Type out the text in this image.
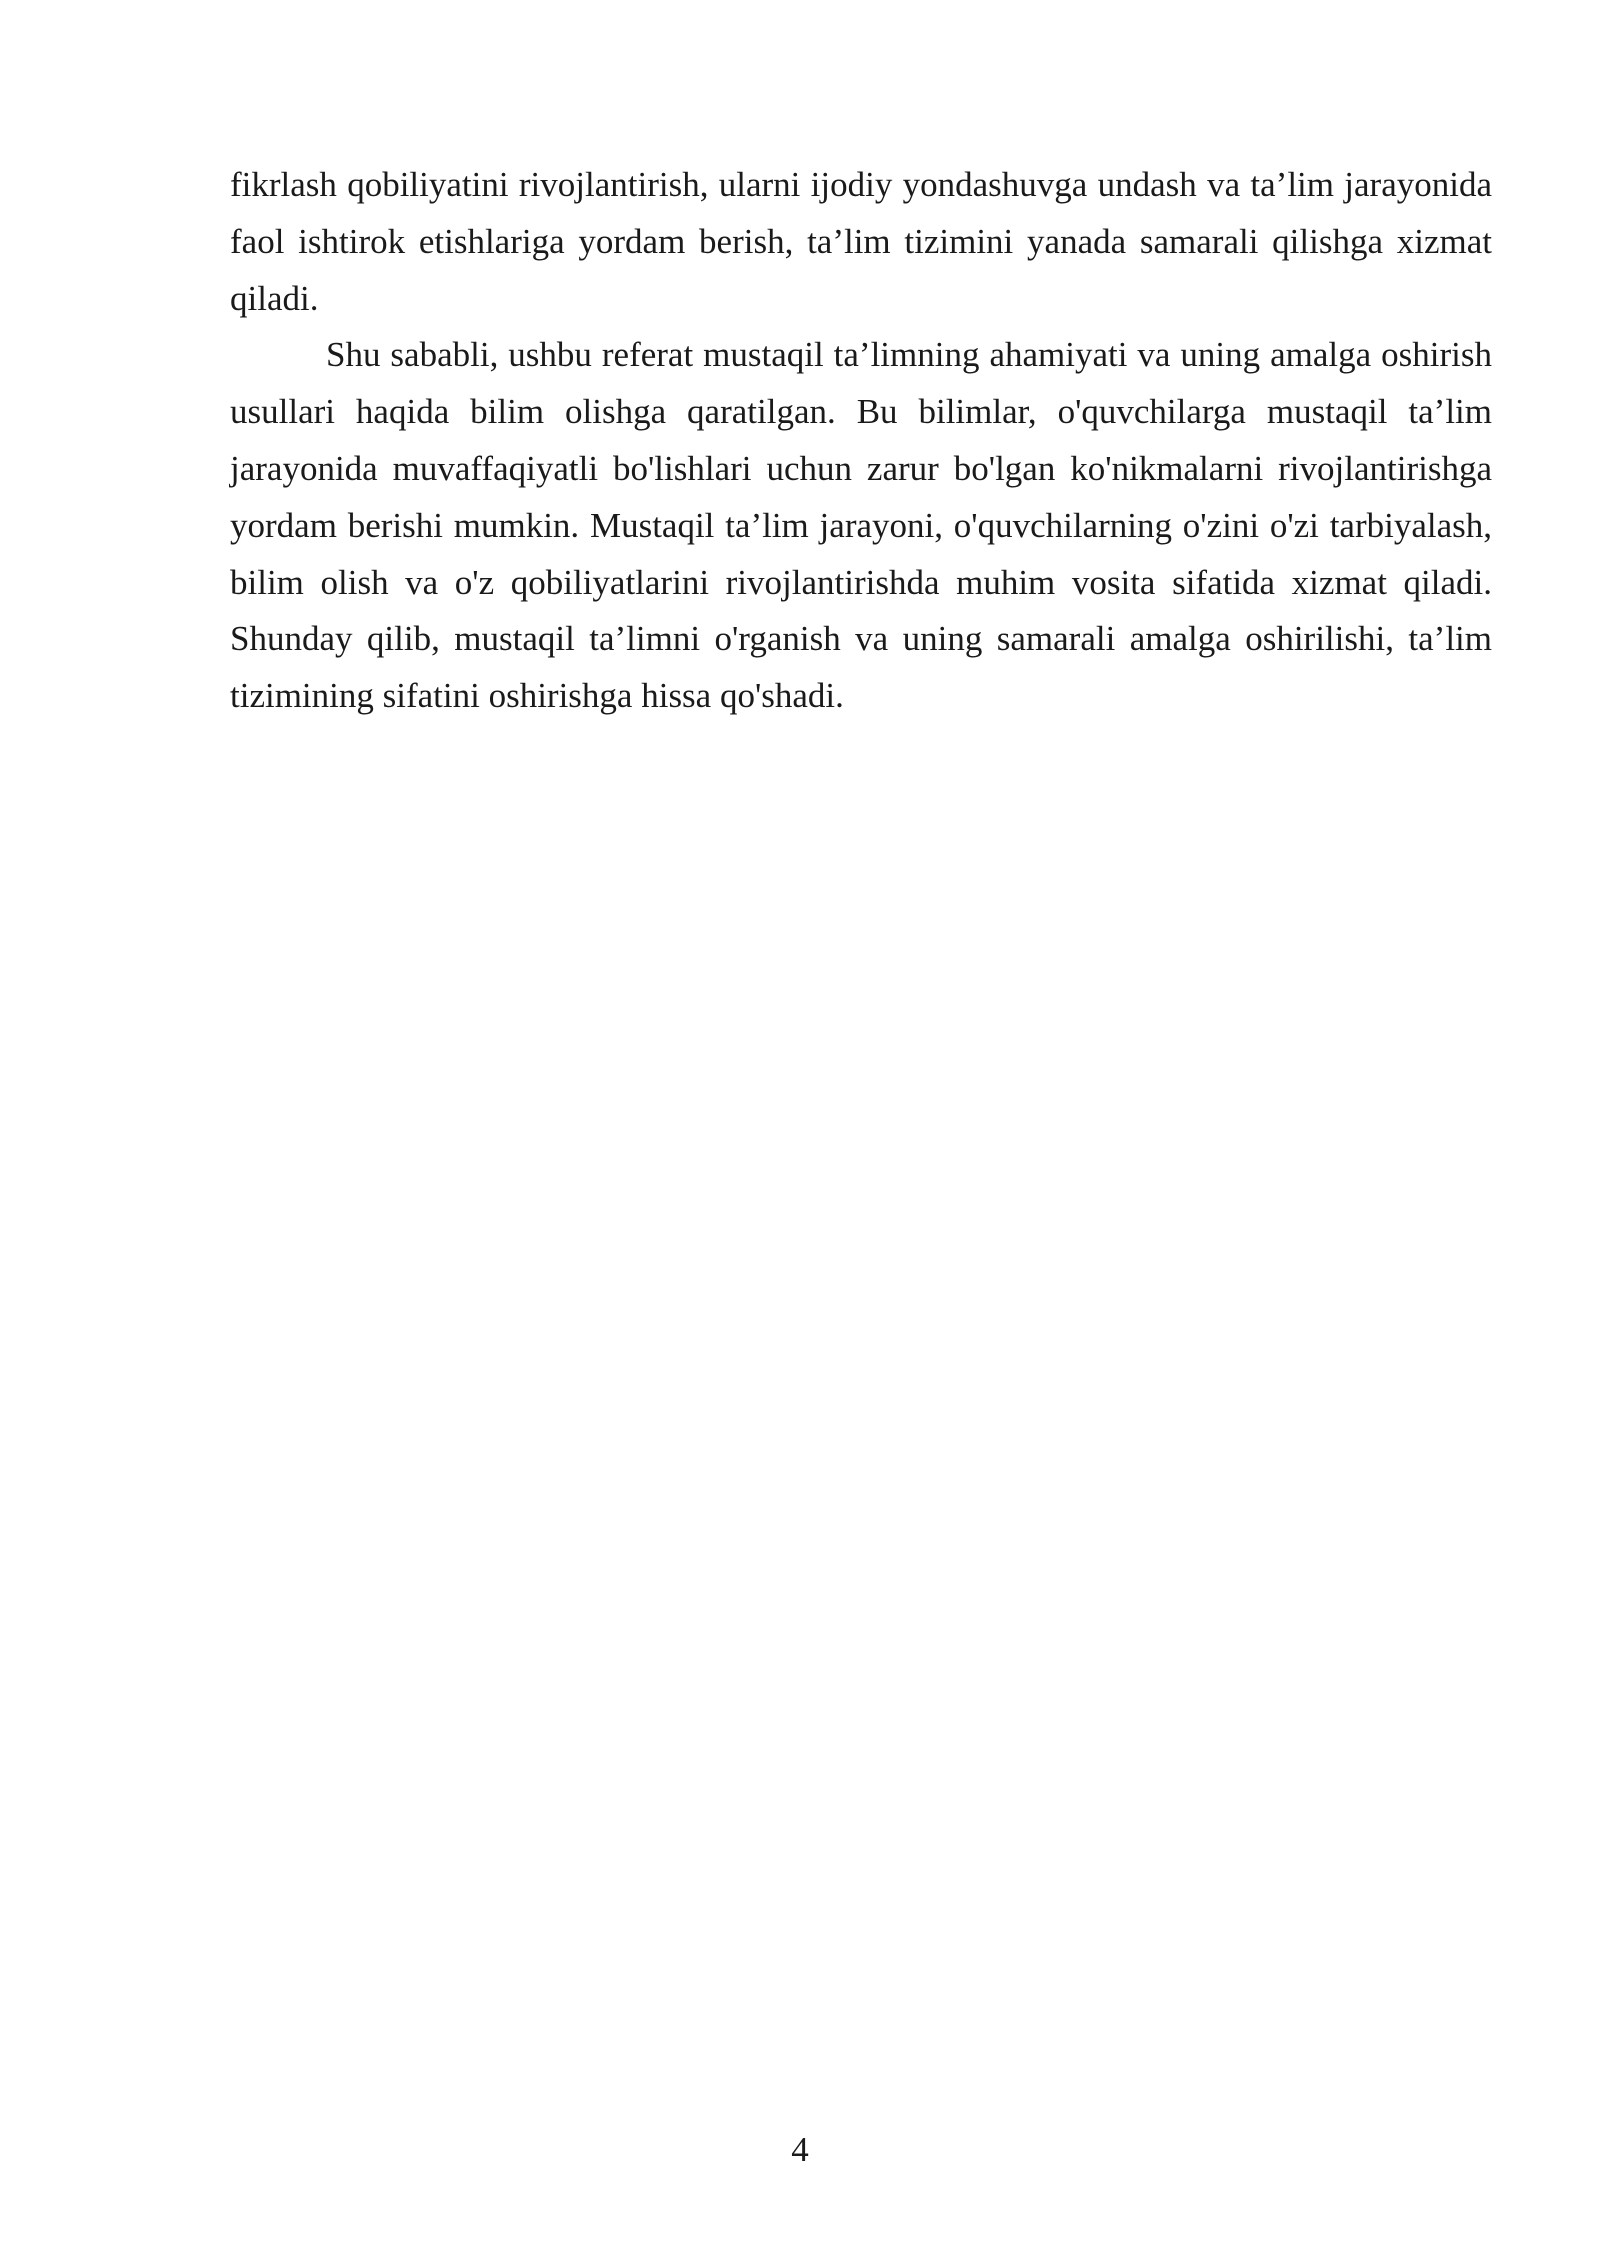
fikrlash qobiliyatini rivojlantirish, ularni ijodiy yondashuvga undash va ta’lim jarayonida faol ishtirok etishlariga yordam berish, ta’lim tizimini yanada samarali qilishga xizmat qiladi.

Shu sababli, ushbu referat mustaqil ta’limning ahamiyati va uning amalga oshirish usullari haqida bilim olishga qaratilgan. Bu bilimlar, o'quvchilarga mustaqil ta’lim jarayonida muvaffaqiyatli bo'lishlari uchun zarur bo'lgan ko'nikmalarni rivojlantirishga yordam berishi mumkin. Mustaqil ta’lim jarayoni, o'quvchilarning o'zini o'zi tarbiyalash, bilim olish va o'z qobiliyatlarini rivojlantirishda muhim vosita sifatida xizmat qiladi. Shunday qilib, mustaqil ta’limni o'rganish va uning samarali amalga oshirilishi, ta’lim tizimining sifatini oshirishga hissa qo'shadi.

4
